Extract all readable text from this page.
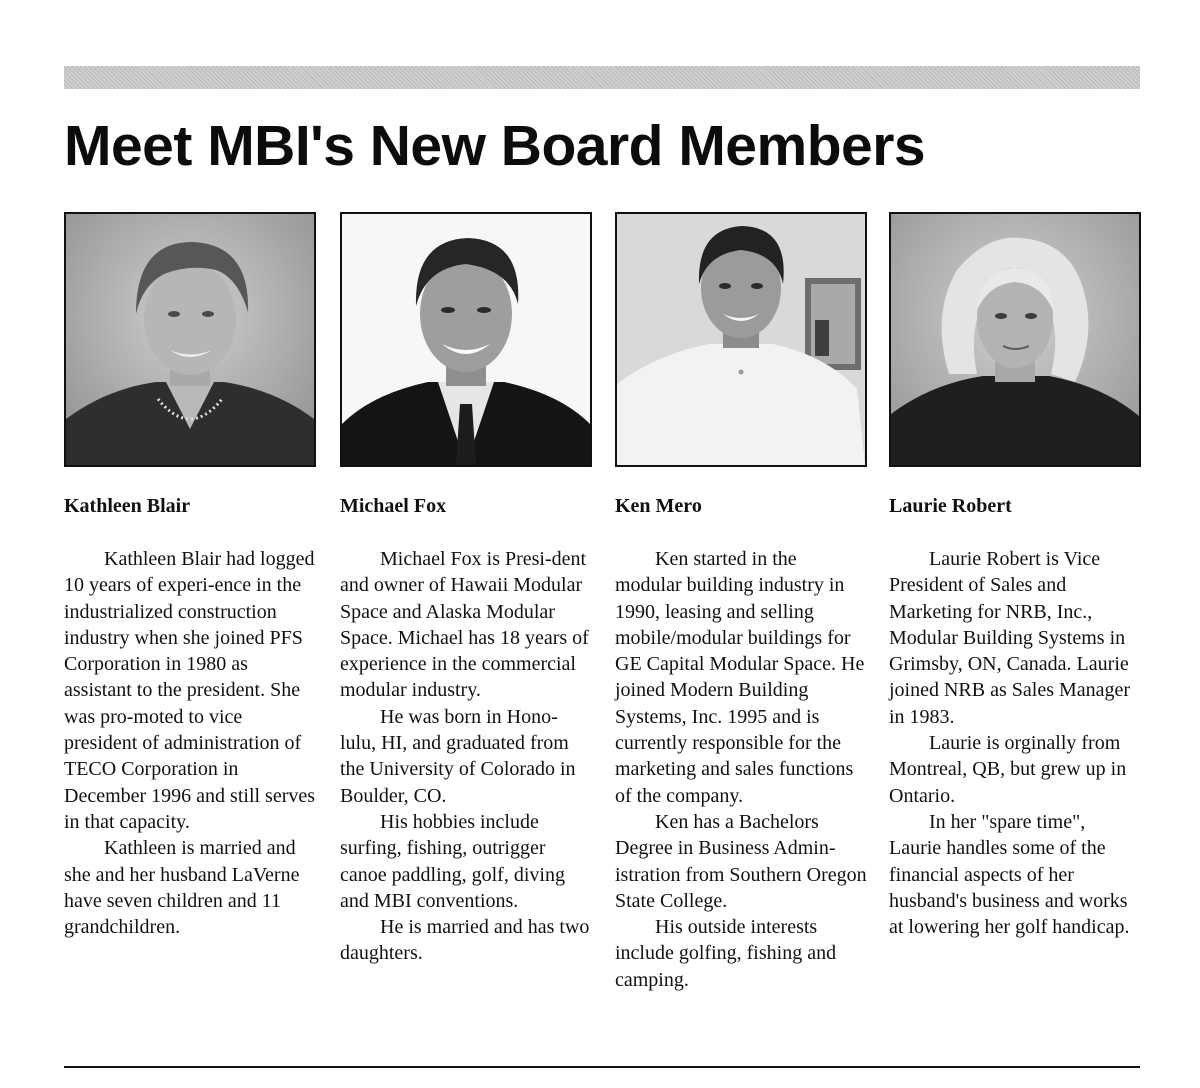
Meet MBI's New Board Members
Kathleen Blair

Kathleen Blair had logged 10 years of experi-ence in the industrialized construction industry when she joined PFS Corporation in 1980 as assistant to the president. She was pro-moted to vice president of administration of TECO Corporation in December 1996 and still serves in that capacity.

Kathleen is married and she and her husband LaVerne have seven children and 11 grandchildren.

Michael Fox

Michael Fox is Presi-dent and owner of Hawaii Modular Space and Alaska Modular Space. Michael has 18 years of experience in the commercial modular industry.

He was born in Hono-lulu, HI, and graduated from the University of Colorado in Boulder, CO.

His hobbies include surfing, fishing, outrigger canoe paddling, golf, diving and MBI conventions.

He is married and has two daughters.

Ken Mero

Ken started in the modular building industry in 1990, leasing and selling mobile/modular buildings for GE Capital Modular Space. He joined Modern Building Systems, Inc. 1995 and is currently responsible for the marketing and sales functions of the company.

Ken has a Bachelors Degree in Business Admin-istration from Southern Oregon State College.

His outside interests include golfing, fishing and camping.

Laurie Robert

Laurie Robert is Vice President of Sales and Marketing for NRB, Inc., Modular Building Systems in Grimsby, ON, Canada. Laurie joined NRB as Sales Manager in 1983.

Laurie is orginally from Montreal, QB, but grew up in Ontario.

In her "spare time", Laurie handles some of the financial aspects of her husband's business and works at lowering her golf handicap.
